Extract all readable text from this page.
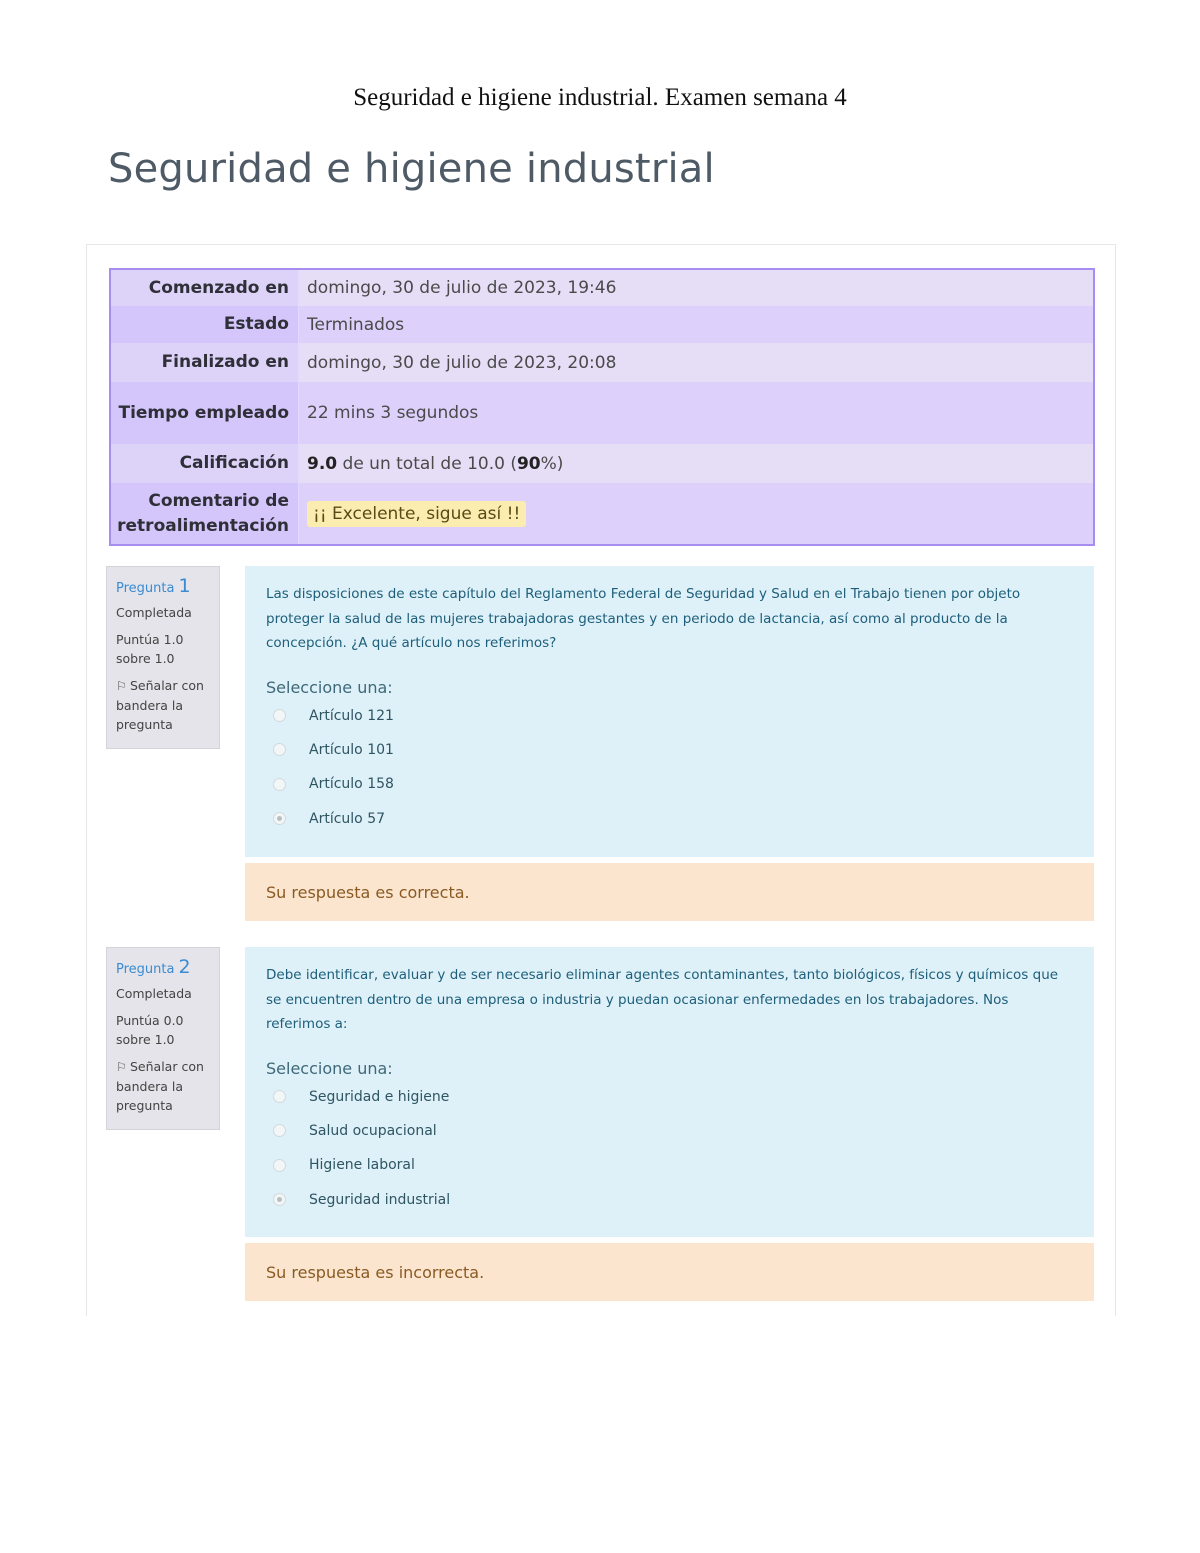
Seguridad e higiene industrial. Examen semana 4
Seguridad e higiene industrial
Comenzado en	domingo, 30 de julio de 2023, 19:46
Estado	Terminados
Finalizado en	domingo, 30 de julio de 2023, 20:08
Tiempo empleado	22 mins 3 segundos
Calificación	9.0 de un total de 10.0 (90%)
Comentario de retroalimentación	¡¡ Excelente, sigue así !!
Pregunta 1
Completada
Puntúa 1.0 sobre 1.0
⚐ Señalar con bandera la pregunta

Las disposiciones de este capítulo del Reglamento Federal de Seguridad y Salud en el Trabajo tienen por objeto proteger la salud de las mujeres trabajadoras gestantes y en periodo de lactancia, así como al producto de la concepción. ¿A qué artículo nos referimos?

Seleccione una:
Artículo 121
Artículo 101
Artículo 158
Artículo 57
Su respuesta es correcta.
Pregunta 2
Completada
Puntúa 0.0 sobre 1.0
⚐ Señalar con bandera la pregunta

Debe identificar, evaluar y de ser necesario eliminar agentes contaminantes, tanto biológicos, físicos y químicos que se encuentren dentro de una empresa o industria y puedan ocasionar enfermedades en los trabajadores. Nos referimos a:

Seleccione una:
Seguridad e higiene
Salud ocupacional
Higiene laboral
Seguridad industrial
Su respuesta es incorrecta.
